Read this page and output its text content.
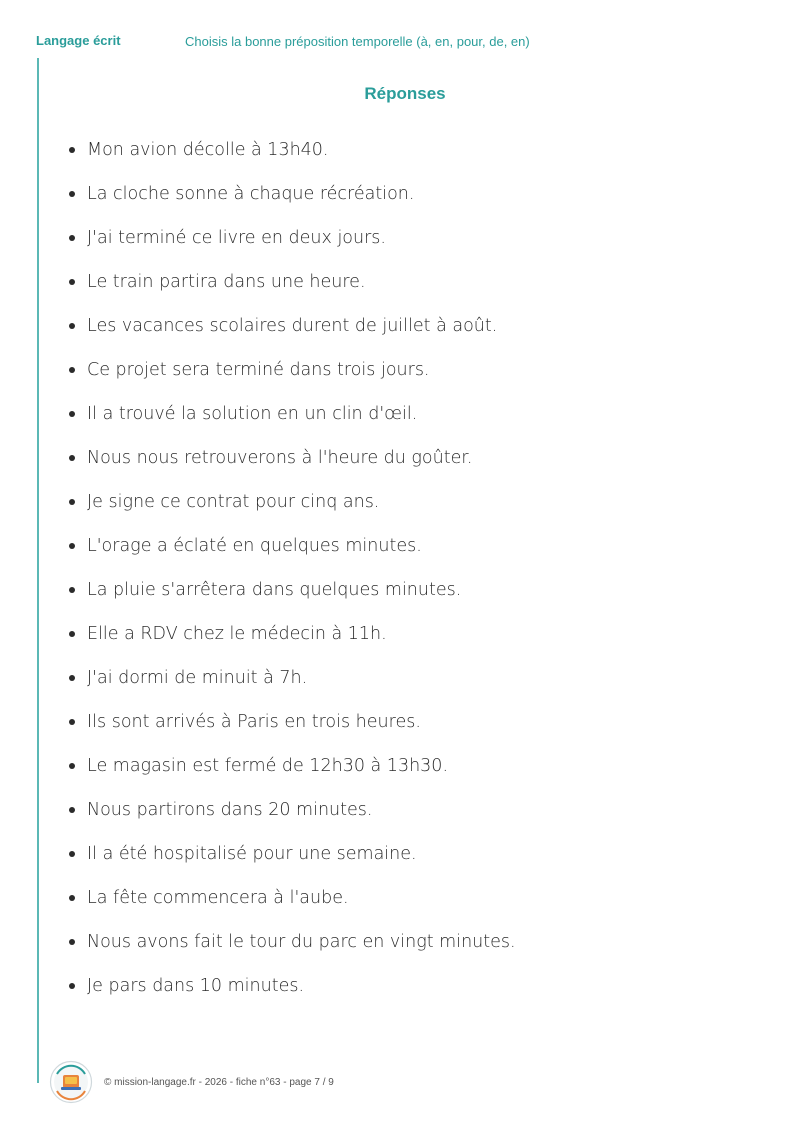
Langage écrit	Choisis la bonne préposition temporelle (à, en, pour, de, en)
Réponses
Mon avion décolle à 13h40.
La cloche sonne à chaque récréation.
J'ai terminé ce livre en deux jours.
Le train partira dans une heure.
Les vacances scolaires durent de juillet à août.
Ce projet sera terminé dans trois jours.
Il a trouvé la solution en un clin d'œil.
Nous nous retrouverons à l'heure du goûter.
Je signe ce contrat pour cinq ans.
L'orage a éclaté en quelques minutes.
La pluie s'arrêtera dans quelques minutes.
Elle a RDV chez le médecin à 11h.
J'ai dormi de minuit à 7h.
Ils sont arrivés à Paris en trois heures.
Le magasin est fermé de 12h30 à 13h30.
Nous partirons dans 20 minutes.
Il a été hospitalisé pour une semaine.
La fête commencera à l'aube.
Nous avons fait le tour du parc en vingt minutes.
Je pars dans 10 minutes.
© mission-langage.fr - 2026 - fiche n°63 - page 7 / 9
